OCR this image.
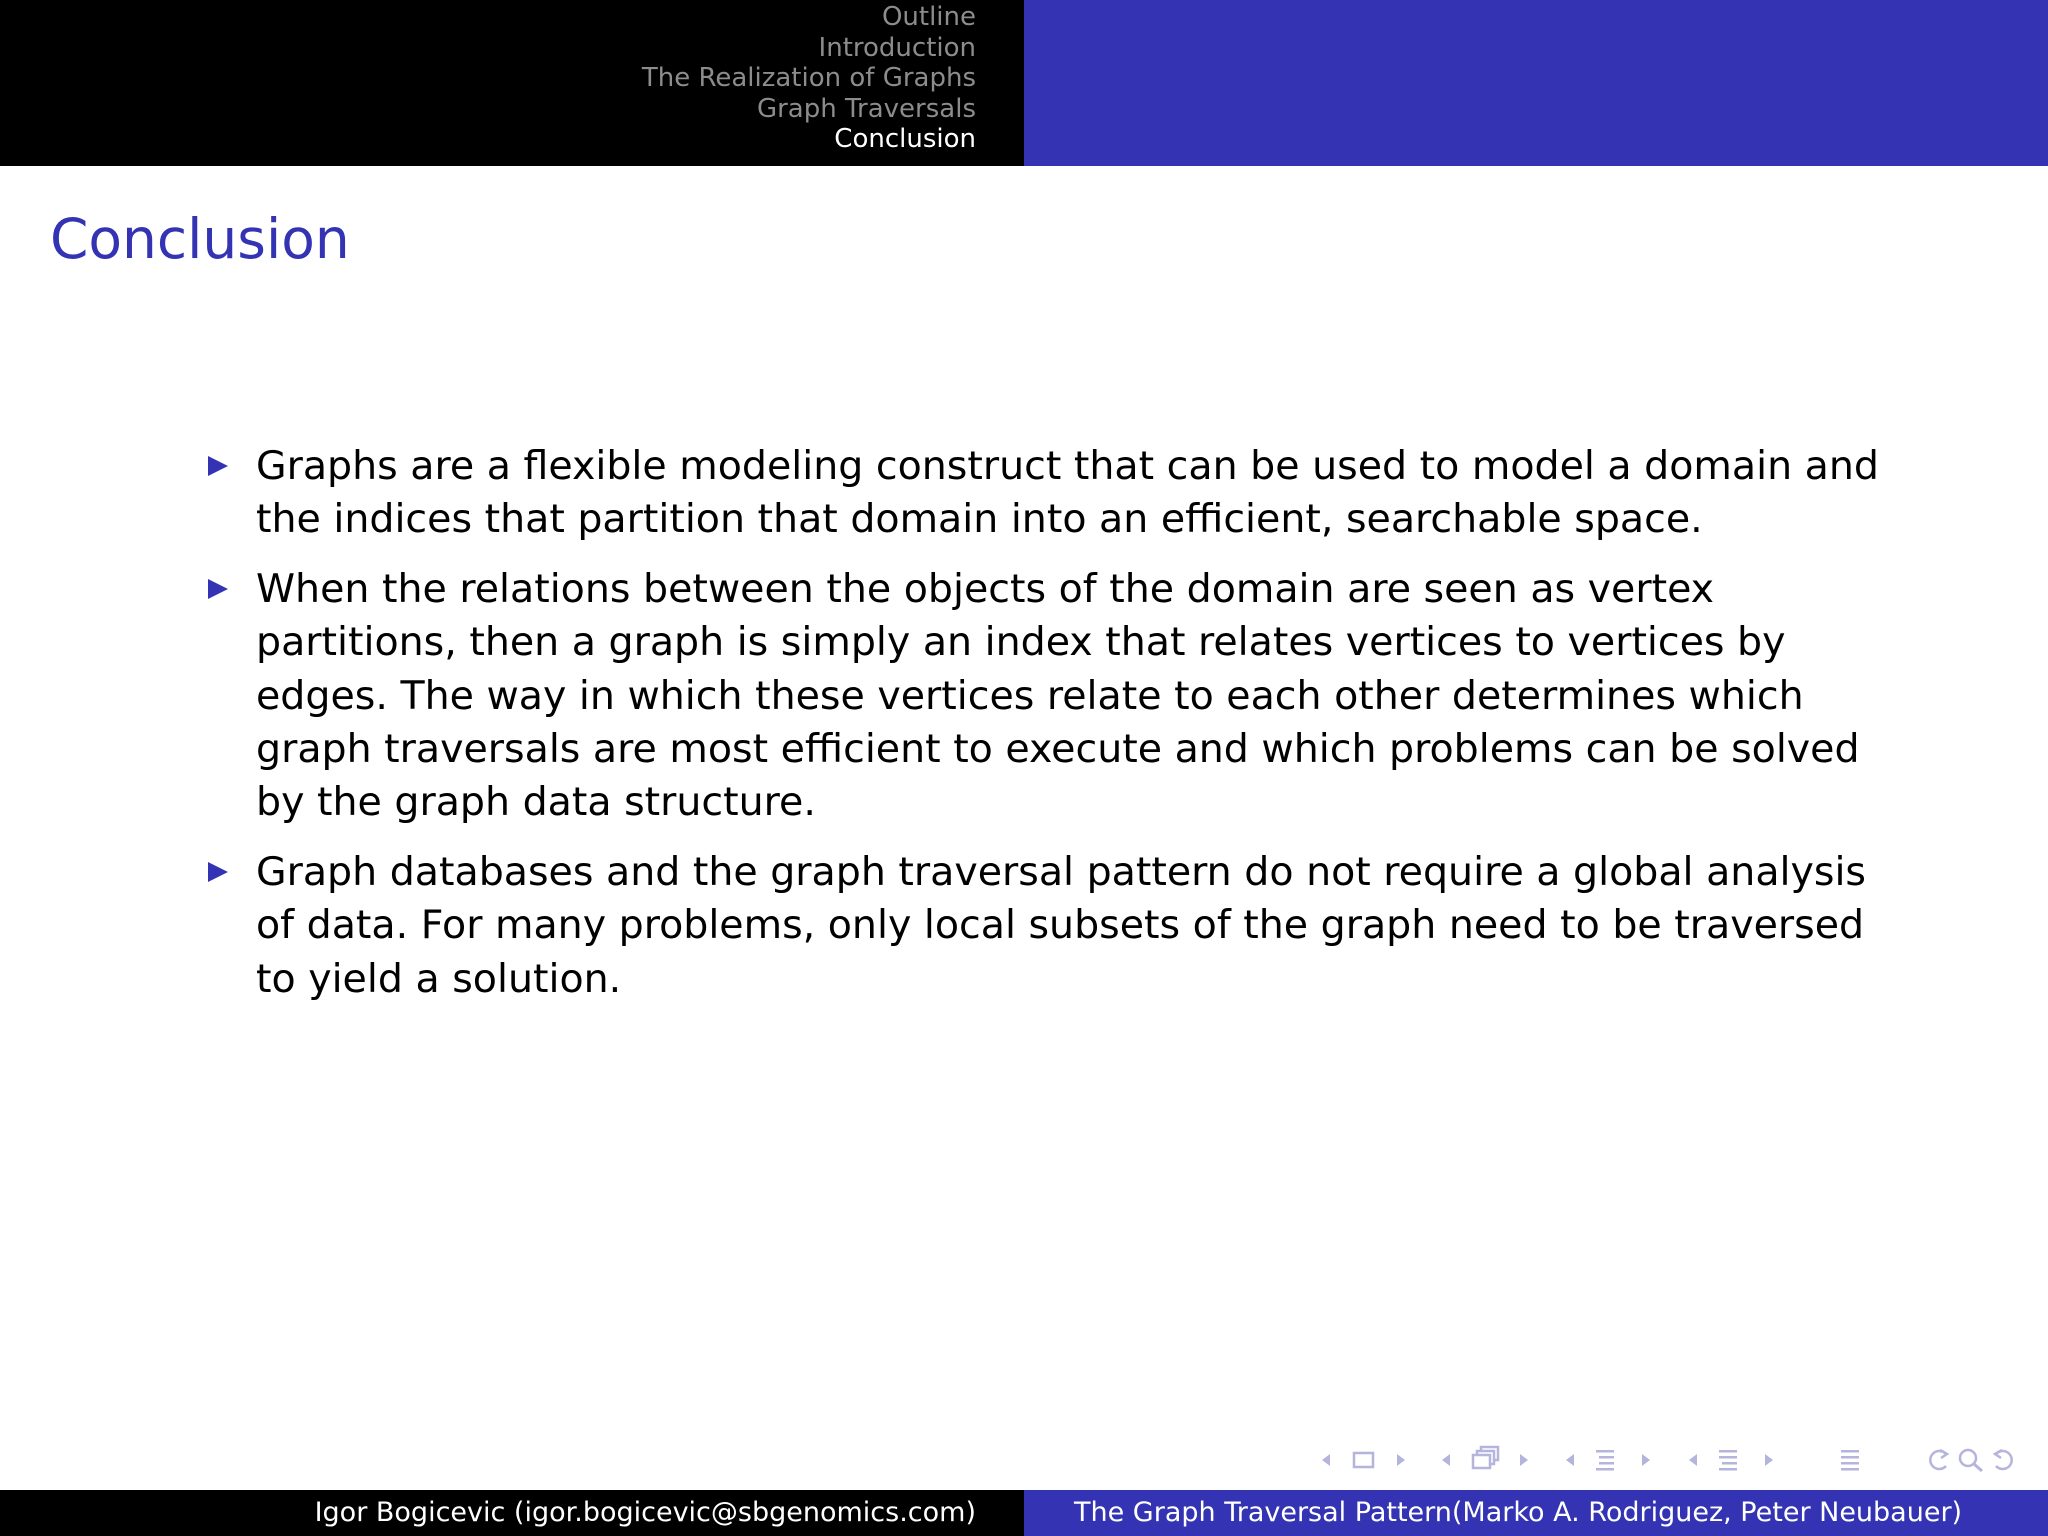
Outline
Introduction
The Realization of Graphs
Graph Traversals
Conclusion
Conclusion
Graphs are a flexible modeling construct that can be used to model a domain and the indices that partition that domain into an efficient, searchable space.
When the relations between the objects of the domain are seen as vertex partitions, then a graph is simply an index that relates vertices to vertices by edges. The way in which these vertices relate to each other determines which graph traversals are most efficient to execute and which problems can be solved by the graph data structure.
Graph databases and the graph traversal pattern do not require a global analysis of data. For many problems, only local subsets of the graph need to be traversed to yield a solution.
Igor Bogicevic (igor.bogicevic@sbgenomics.com)	The Graph Traversal Pattern(Marko A. Rodriguez, Peter Neubauer)
